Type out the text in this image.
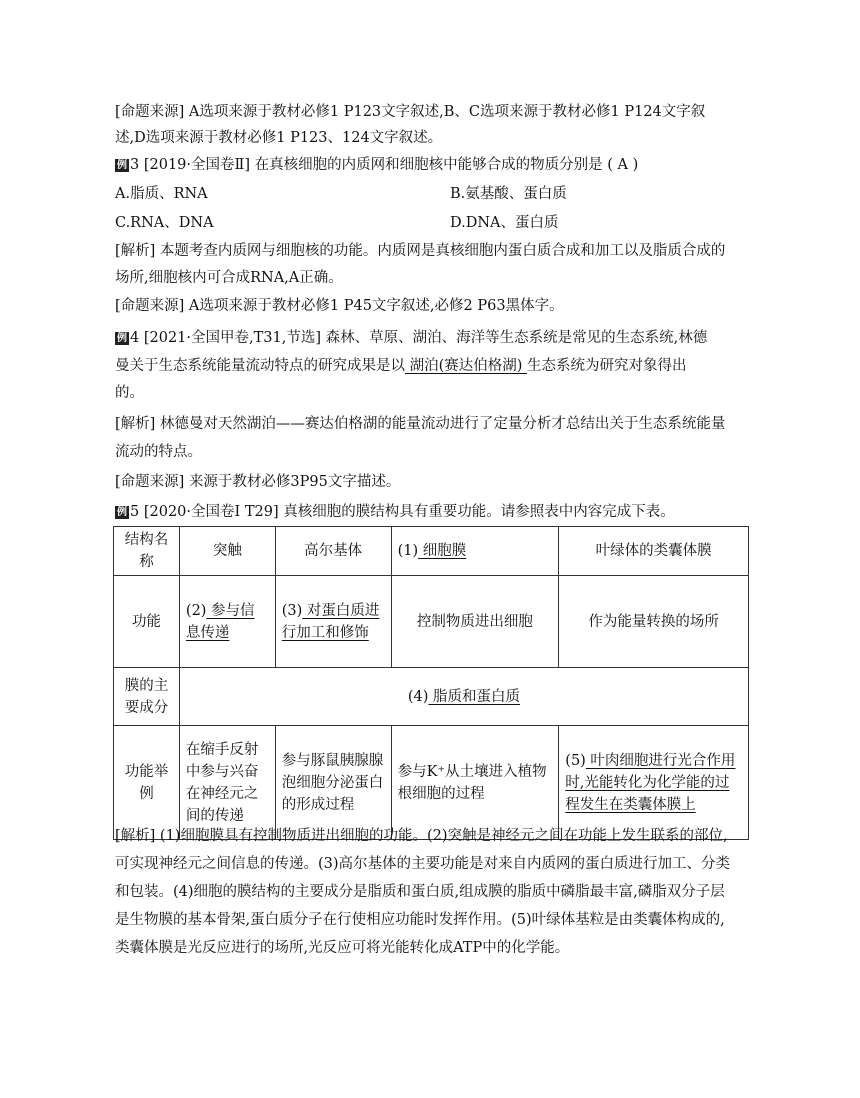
[命题来源] A选项来源于教材必修1 P123文字叙述,B、C选项来源于教材必修1 P124文字叙
述,D选项来源于教材必修1 P123、124文字叙述。
例 3 [2019·全国卷Ⅱ] 在真核细胞的内质网和细胞核中能够合成的物质分别是 ( A )
A.脂质、RNA	B.氨基酸、蛋白质
C.RNA、DNA	D.DNA、蛋白质
[解析] 本题考查内质网与细胞核的功能。内质网是真核细胞内蛋白质合成和加工以及脂质合成的
场所,细胞核内可合成RNA,A正确。
[命题来源] A选项来源于教材必修1 P45文字叙述,必修2 P63黑体字。
例 4 [2021·全国甲卷,T31,节选] 森林、草原、湖泊、海洋等生态系统是常见的生态系统,林德
曼关于生态系统能量流动特点的研究成果是以 湖泊(赛达伯格湖) 生态系统为研究对象得出
的。
[解析] 林德曼对天然湖泊——赛达伯格湖的能量流动进行了定量分析才总结出关于生态系统能量
流动的特点。
[命题来源] 来源于教材必修3P95文字描述。
例 5 [2020·全国卷Ⅰ T29] 真核细胞的膜结构具有重要功能。请参照表中内容完成下表。
结构名称	突触	高尔基体	(1) 细胞膜	叶绿体的类囊体膜
功能	(2) 参与信息传递	(3) 对蛋白质进行加工和修饰	控制物质进出细胞	作为能量转换的场所
膜的主要成分	(4) 脂质和蛋白质			
功能举例	在缩手反射中参与兴奋在神经元之间的传递	参与豚鼠胰腺腺泡细胞分泌蛋白的形成过程	参与K⁺从土壤进入植物根细胞的过程	(5) 叶肉细胞进行光合作用时,光能转化为化学能的过程发生在类囊体膜上
[解析] (1)细胞膜具有控制物质进出细胞的功能。(2)突触是神经元之间在功能上发生联系的部位,
可实现神经元之间信息的传递。(3)高尔基体的主要功能是对来自内质网的蛋白质进行加工、分类
和包装。(4)细胞的膜结构的主要成分是脂质和蛋白质,组成膜的脂质中磷脂最丰富,磷脂双分子层
是生物膜的基本骨架,蛋白质分子在行使相应功能时发挥作用。(5)叶绿体基粒是由类囊体构成的,
类囊体膜是光反应进行的场所,光反应可将光能转化成ATP中的化学能。
